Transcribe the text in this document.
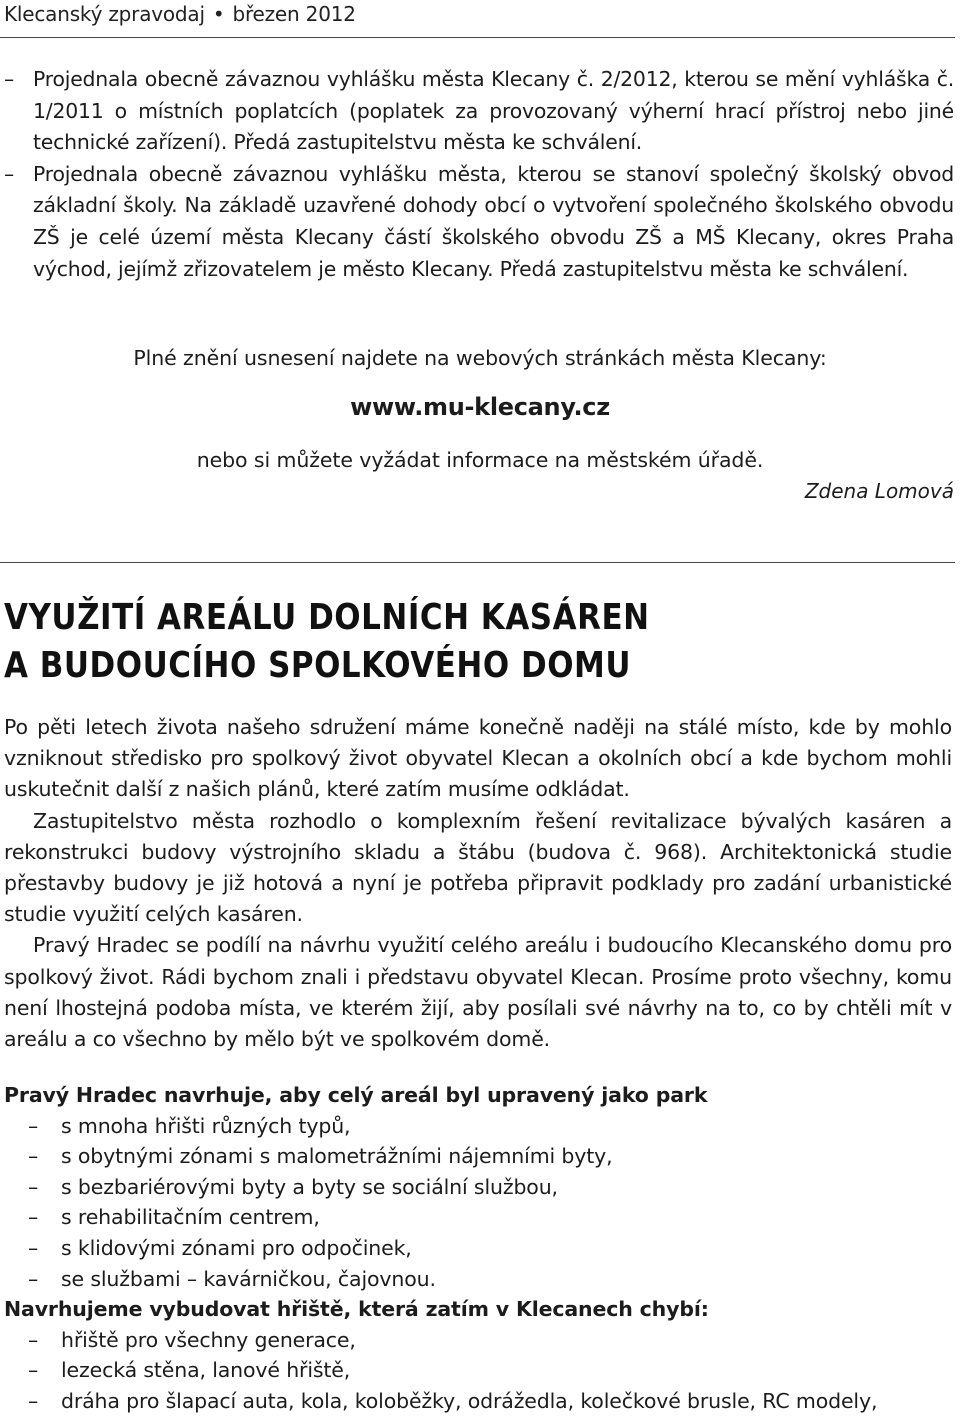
Klecanský zpravodaj • březen 2012
– Projednala obecně závaznou vyhlášku města Klecany č. 2/2012, kterou se mění vyhláška č. 1/2011 o místních poplatcích (poplatek za provozovaný výherní hrací přístroj nebo jiné technické zařízení). Předá zastupitelstvu města ke schválení.
– Projednala obecně závaznou vyhlášku města, kterou se stanoví společný školský obvod základní školy. Na základě uzavřené dohody obcí o vytvoření společného školského obvodu ZŠ je celé území města Klecany částí školského obvodu ZŠ a MŠ Klecany, okres Praha východ, jejímž zřizovatelem je město Klecany. Předá zastupitelstvu města ke schválení.
Plné znění usnesení najdete na webových stránkách města Klecany:
www.mu-klecany.cz
nebo si můžete vyžádat informace na městském úřadě.
Zdena Lomová
VYUŽITÍ AREÁLU DOLNÍCH KASÁREN
A BUDOUCÍHO SPOLKOVÉHO DOMU

Po pěti letech života našeho sdružení máme konečně naději na stálé místo, kde by mohlo vzniknout středisko pro spolkový život obyvatel Klecan a okolních obcí a kde bychom mohli uskutečnit další z našich plánů, které zatím musíme odkládat.

Zastupitelstvo města rozhodlo o komplexním řešení revitalizace bývalých kasáren a rekonstrukci budovy výstrojního skladu a štábu (budova č. 968). Architektonická studie přestavby budovy je již hotová a nyní je potřeba připravit podklady pro zadání urbanistické studie využití celých kasáren.

Pravý Hradec se podílí na návrhu využití celého areálu i budoucího Klecanského domu pro spolkový život. Rádi bychom znali i představu obyvatel Klecan. Prosíme proto všechny, komu není lhostejná podoba místa, ve kterém žijí, aby posílali své návrhy na to, co by chtěli mít v areálu a co všechno by mělo být ve spolkovém domě.

Pravý Hradec navrhuje, aby celý areál byl upravený jako park
– s mnoha hřišti různých typů,
– s obytnými zónami s malometrážními nájemními byty,
– s bezbariérovými byty a byty se sociální službou,
– s rehabilitačním centrem,
– s klidovými zónami pro odpočinek,
– se službami – kavárničkou, čajovnou.
Navrhujeme vybudovat hřiště, která zatím v Klecanech chybí:
– hřiště pro všechny generace,
– lezecká stěna, lanové hřiště,
– dráha pro šlapací auta, kola, koloběžky, odrážedla, kolečkové brusle, RC modely,
